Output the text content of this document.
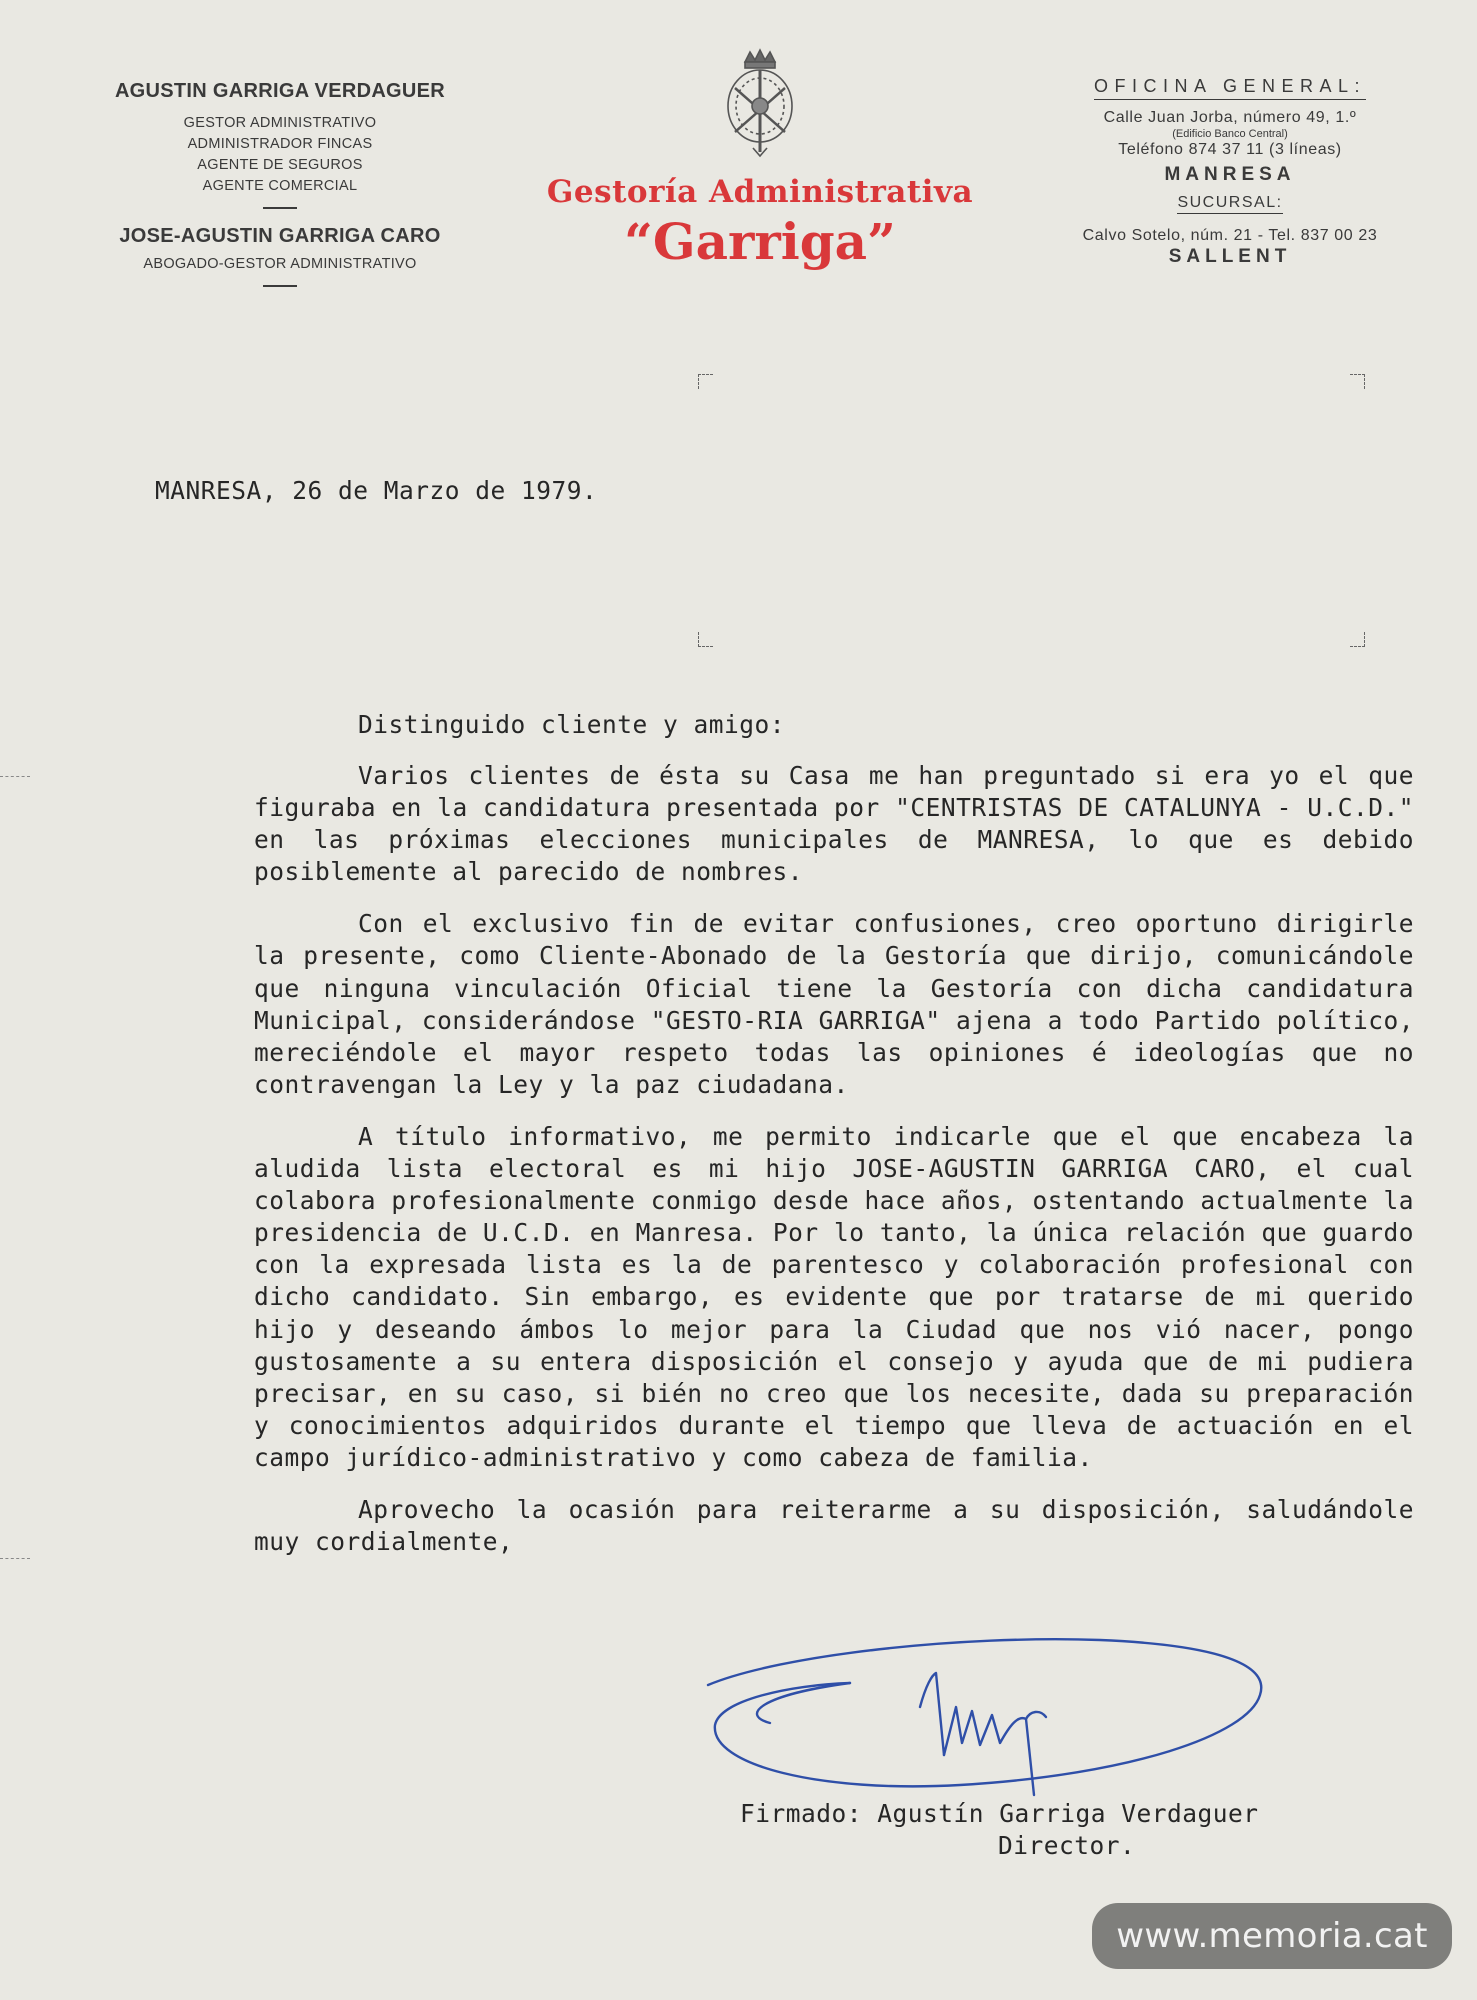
AGUSTIN GARRIGA VERDAGUER
GESTOR ADMINISTRATIVO
ADMINISTRADOR FINCAS
AGENTE DE SEGUROS
AGENTE COMERCIAL
JOSE-AGUSTIN GARRIGA CARO
ABOGADO-GESTOR ADMINISTRATIVO
Gestoría Administrativa
“Garriga”
OFICINA GENERAL:
Calle Juan Jorba, número 49, 1.º
(Edificio Banco Central)
Teléfono 874 37 11 (3 líneas)
MANRESA
SUCURSAL:
Calvo Sotelo, núm. 21 - Tel. 837 00 23
SALLENT
MANRESA, 26 de Marzo de 1979.
Distinguido cliente y amigo:

Varios clientes de ésta su Casa me han preguntado si era yo el que figuraba en la candidatura presentada por "CENTRISTAS DE CATALUNYA - U.C.D." en las próximas elecciones municipales de MANRESA, lo que es debido posiblemente al parecido de nombres.

Con el exclusivo fin de evitar confusiones, creo oportuno dirigirle la presente, como Cliente-Abonado de la Gestoría que dirijo, comunicándole que ninguna vinculación Oficial tiene la Gestoría con dicha candidatura Municipal, considerándose "GESTO-RIA GARRIGA" ajena a todo Partido político, mereciéndole el mayor respeto todas las opiniones é ideologías que no contravengan la Ley y la paz ciudadana.

A título informativo, me permito indicarle que el que encabeza la aludida lista electoral es mi hijo JOSE-AGUSTIN GARRIGA CARO, el cual colabora profesionalmente conmigo desde hace años, ostentando actualmente la presidencia de U.C.D. en Manresa. Por lo tanto, la única relación que guardo con la expresada lista es la de parentesco y colaboración profesional con dicho candidato. Sin embargo, es evidente que por tratarse de mi querido hijo y deseando ámbos lo mejor para la Ciudad que nos vió nacer, pongo gustosamente a su entera disposición el consejo y ayuda que de mi pudiera precisar, en su caso, si bién no creo que los necesite, dada su preparación y conocimientos adquiridos durante el tiempo que lleva de actuación en el campo jurídico-administrativo y como cabeza de familia.

Aprovecho la ocasión para reiterarme a su disposición, saludándole muy cordialmente,

Firmado: Agustín Garriga Verdaguer
Director.
www.memoria.cat
